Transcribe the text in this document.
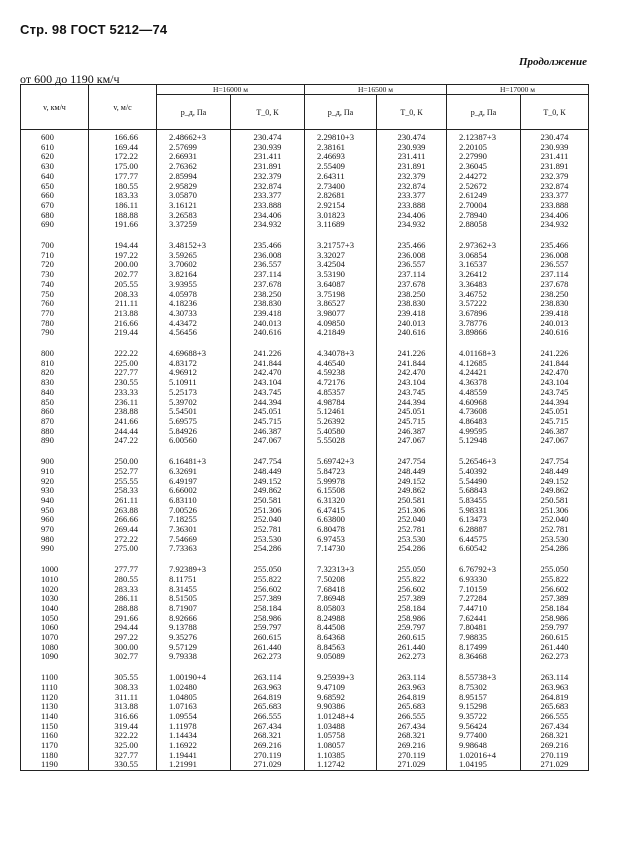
Стр. 98 ГОСТ 5212—74
Продолжение
от 600 до 1190 км/ч
v, км/ч	v, м/с	H=16000 м		H=16500 м		H=17000 м	
		p_д, Па	T_0, К	p_д, Па	T_0, К	p_д, Па	T_0, К
600	166.66	2.48662+3	230.474	2.29810+3	230.474	2.12387+3	230.474
610	169.44	2.57699	230.939	2.38161	230.939	2.20105	230.939
620	172.22	2.66931	231.411	2.46693	231.411	2.27990	231.411
630	175.00	2.76362	231.891	2.55409	231.891	2.36045	231.891
640	177.77	2.85994	232.379	2.64311	232.379	2.44272	232.379
650	180.55	2.95829	232.874	2.73400	232.874	2.52672	232.874
660	183.33	3.05870	233.377	2.82681	233.377	2.61249	233.377
670	186.11	3.16121	233.888	2.92154	233.888	2.70004	233.888
680	188.88	3.26583	234.406	3.01823	234.406	2.78940	234.406
690	191.66	3.37259	234.932	3.11689	234.932	2.88058	234.932

700	194.44	3.48152+3	235.466	3.21757+3	235.466	2.97362+3	235.466
710	197.22	3.59265	236.008	3.32027	236.008	3.06854	236.008
720	200.00	3.70602	236.557	3.42504	236.557	3.16537	236.557
730	202.77	3.82164	237.114	3.53190	237.114	3.26412	237.114
740	205.55	3.93955	237.678	3.64087	237.678	3.36483	237.678
750	208.33	4.05978	238.250	3.75198	238.250	3.46752	238.250
760	211.11	4.18236	238.830	3.86527	238.830	3.57222	238.830
770	213.88	4.30733	239.418	3.98077	239.418	3.67896	239.418
780	216.66	4.43472	240.013	4.09850	240.013	3.78776	240.013
790	219.44	4.56456	240.616	4.21849	240.616	3.89866	240.616

800	222.22	4.69688+3	241.226	4.34078+3	241.226	4.01168+3	241.226
810	225.00	4.83172	241.844	4.46540	241.844	4.12685	241.844
820	227.77	4.96912	242.470	4.59238	242.470	4.24421	242.470
830	230.55	5.10911	243.104	4.72176	243.104	4.36378	243.104
840	233.33	5.25173	243.745	4.85357	243.745	4.48559	243.745
850	236.11	5.39702	244.394	4.98784	244.394	4.60968	244.394
860	238.88	5.54501	245.051	5.12461	245.051	4.73608	245.051
870	241.66	5.69575	245.715	5.26392	245.715	4.86483	245.715
880	244.44	5.84926	246.387	5.40580	246.387	4.99595	246.387
890	247.22	6.00560	247.067	5.55028	247.067	5.12948	247.067

900	250.00	6.16481+3	247.754	5.69742+3	247.754	5.26546+3	247.754
910	252.77	6.32691	248.449	5.84723	248.449	5.40392	248.449
920	255.55	6.49197	249.152	5.99978	249.152	5.54490	249.152
930	258.33	6.66002	249.862	6.15508	249.862	5.68843	249.862
940	261.11	6.83110	250.581	6.31320	250.581	5.83455	250.581
950	263.88	7.00526	251.306	6.47415	251.306	5.98331	251.306
960	266.66	7.18255	252.040	6.63800	252.040	6.13473	252.040
970	269.44	7.36301	252.781	6.80478	252.781	6.28887	252.781
980	272.22	7.54669	253.530	6.97453	253.530	6.44575	253.530
990	275.00	7.73363	254.286	7.14730	254.286	6.60542	254.286

1000	277.77	7.92389+3	255.050	7.32313+3	255.050	6.76792+3	255.050
1010	280.55	8.11751	255.822	7.50208	255.822	6.93330	255.822
1020	283.33	8.31455	256.602	7.68418	256.602	7.10159	256.602
1030	286.11	8.51505	257.389	7.86948	257.389	7.27284	257.389
1040	288.88	8.71907	258.184	8.05803	258.184	7.44710	258.184
1050	291.66	8.92666	258.986	8.24988	258.986	7.62441	258.986
1060	294.44	9.13788	259.797	8.44508	259.797	7.80481	259.797
1070	297.22	9.35276	260.615	8.64368	260.615	7.98835	260.615
1080	300.00	9.57129	261.440	8.84563	261.440	8.17499	261.440
1090	302.77	9.79338	262.273	9.05089	262.273	8.36468	262.273

1100	305.55	1.00190+4	263.114	9.25939+3	263.114	8.55738+3	263.114
1110	308.33	1.02480	263.963	9.47109	263.963	8.75302	263.963
1120	311.11	1.04805	264.819	9.68592	264.819	8.95157	264.819
1130	313.88	1.07163	265.683	9.90386	265.683	9.15298	265.683
1140	316.66	1.09554	266.555	1.01248+4	266.555	9.35722	266.555
1150	319.44	1.11978	267.434	1.03488	267.434	9.56424	267.434
1160	322.22	1.14434	268.321	1.05758	268.321	9.77400	268.321
1170	325.00	1.16922	269.216	1.08057	269.216	9.98648	269.216
1180	327.77	1.19441	270.119	1.10385	270.119	1.02016+4	270.119
1190	330.55	1.21991	271.029	1.12742	271.029	1.04195	271.029
